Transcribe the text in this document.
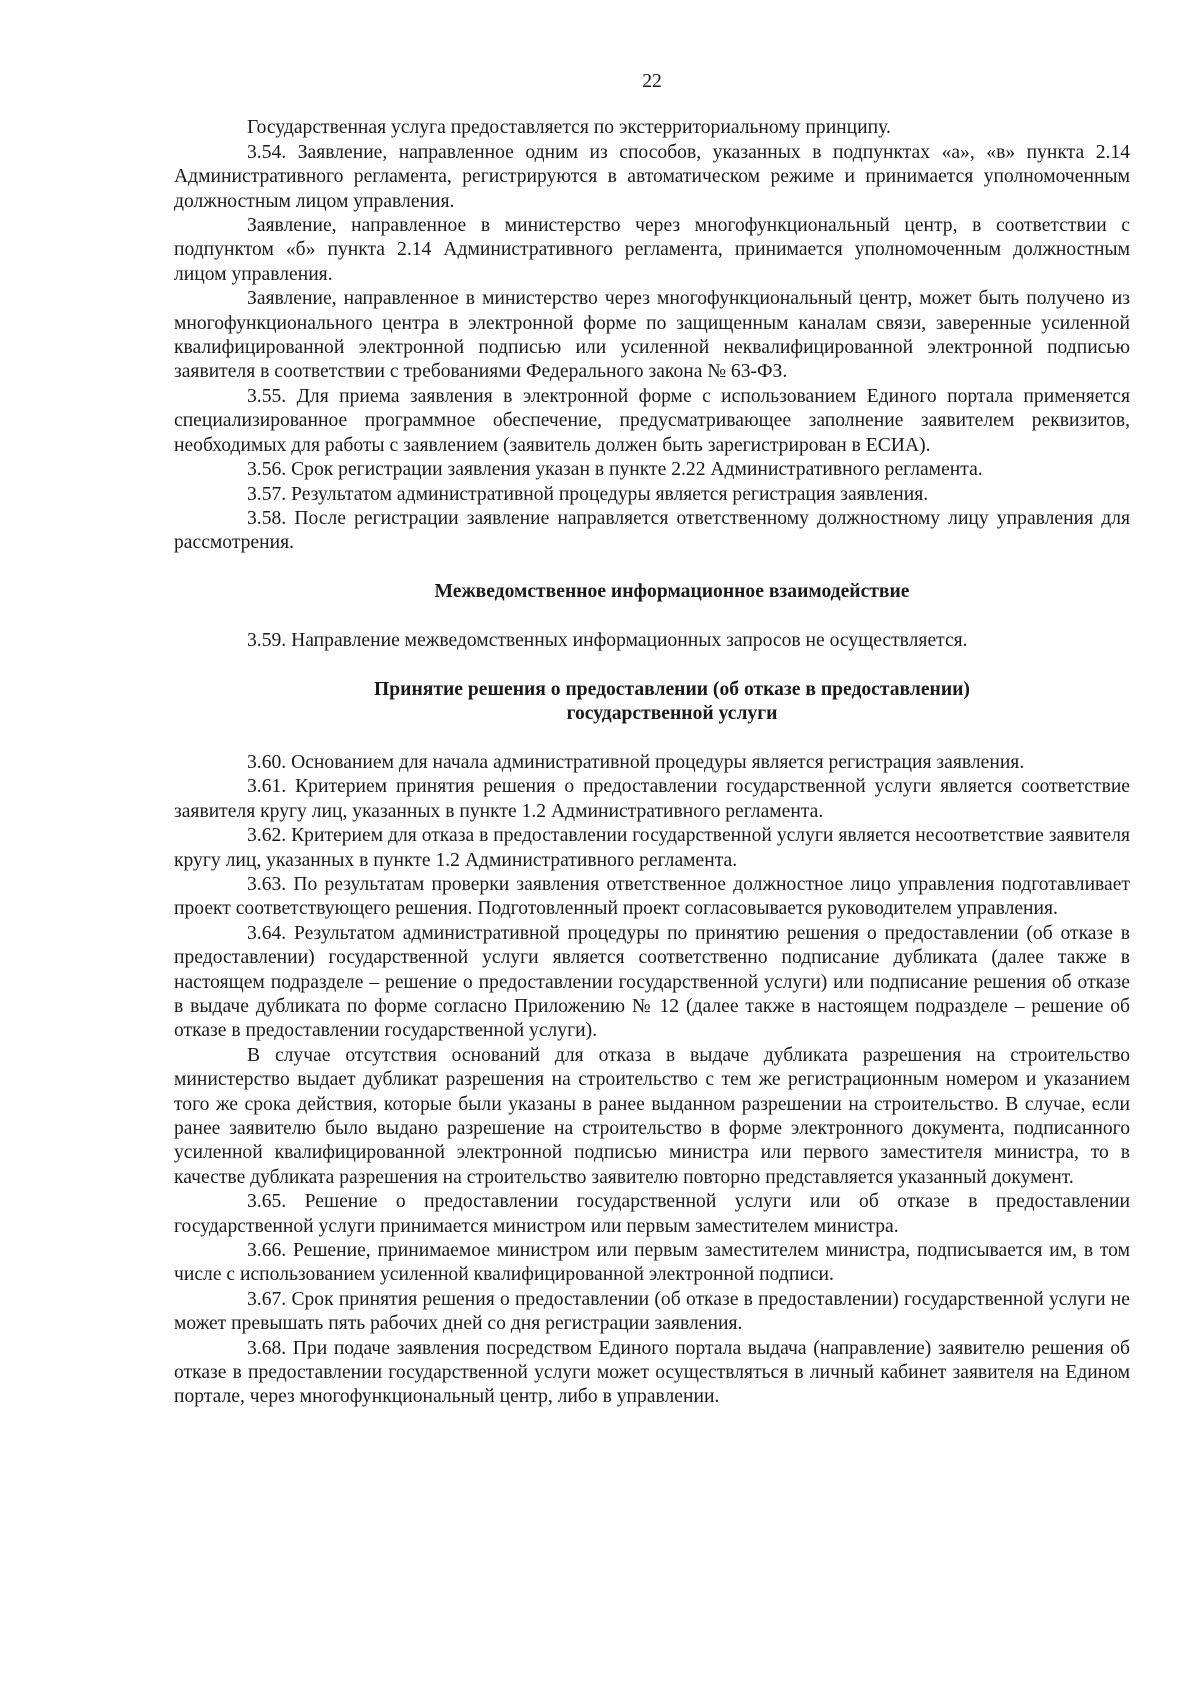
22

Государственная услуга предоставляется по экстерриториальному принципу.

3.54. Заявление, направленное одним из способов, указанных в подпунктах «а», «в» пункта 2.14 Административного регламента, регистрируются в автоматическом режиме и принимается уполномоченным должностным лицом управления.

Заявление, направленное в министерство через многофункциональный центр, в соответствии с подпунктом «б» пункта 2.14 Административного регламента, принимается уполномоченным должностным лицом управления.

Заявление, направленное в министерство через многофункциональный центр, может быть получено из многофункционального центра в электронной форме по защищенным каналам связи, заверенные усиленной квалифицированной электронной подписью или усиленной неквалифицированной электронной подписью заявителя в соответствии с требованиями Федерального закона № 63-ФЗ.

3.55. Для приема заявления в электронной форме с использованием Единого портала применяется специализированное программное обеспечение, предусматривающее заполнение заявителем реквизитов, необходимых для работы с заявлением (заявитель должен быть зарегистрирован в ЕСИА).

3.56. Срок регистрации заявления указан в пункте 2.22 Административного регламента.

3.57. Результатом административной процедуры является регистрация заявления.

3.58. После регистрации заявление направляется ответственному должностному лицу управления для рассмотрения.

Межведомственное информационное взаимодействие

3.59. Направление межведомственных информационных запросов не осуществляется.

Принятие решения о предоставлении (об отказе в предоставлении)
государственной услуги

3.60. Основанием для начала административной процедуры является регистрация заявления.

3.61. Критерием принятия решения о предоставлении государственной услуги является соответствие заявителя кругу лиц, указанных в пункте 1.2 Административного регламента.

3.62. Критерием для отказа в предоставлении государственной услуги является несоответствие заявителя кругу лиц, указанных в пункте 1.2 Административного регламента.

3.63. По результатам проверки заявления ответственное должностное лицо управления подготавливает проект соответствующего решения. Подготовленный проект согласовывается руководителем управления.

3.64. Результатом административной процедуры по принятию решения о предоставлении (об отказе в предоставлении) государственной услуги является соответственно подписание дубликата (далее также в настоящем подразделе – решение о предоставлении государственной услуги) или подписание решения об отказе в выдаче дубликата по форме согласно Приложению № 12 (далее также в настоящем подразделе – решение об отказе в предоставлении государственной услуги).

В случае отсутствия оснований для отказа в выдаче дубликата разрешения на строительство министерство выдает дубликат разрешения на строительство с тем же регистрационным номером и указанием того же срока действия, которые были указаны в ранее выданном разрешении на строительство. В случае, если ранее заявителю было выдано разрешение на строительство в форме электронного документа, подписанного усиленной квалифицированной электронной подписью министра или первого заместителя министра, то в качестве дубликата разрешения на строительство заявителю повторно представляется указанный документ.

3.65. Решение о предоставлении государственной услуги или об отказе в предоставлении государственной услуги принимается министром или первым заместителем министра.

3.66. Решение, принимаемое министром или первым заместителем министра, подписывается им, в том числе с использованием усиленной квалифицированной электронной подписи.

3.67. Срок принятия решения о предоставлении (об отказе в предоставлении) государственной услуги не может превышать пять рабочих дней со дня регистрации заявления.

3.68. При подаче заявления посредством Единого портала выдача (направление) заявителю решения об отказе в предоставлении государственной услуги может осуществляться в личный кабинет заявителя на Едином портале, через многофункциональный центр, либо в управлении.
